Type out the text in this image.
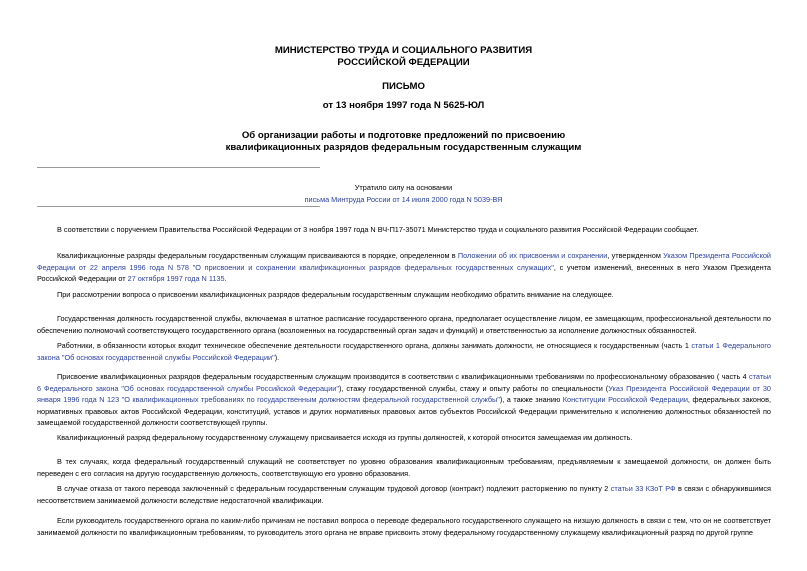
МИНИСТЕРСТВО ТРУДА И СОЦИАЛЬНОГО РАЗВИТИЯ
РОССИЙСКОЙ ФЕДЕРАЦИИ
ПИСЬМО
от 13 ноября 1997 года N 5625-ЮЛ
Об организации работы и подготовке предложений по присвоению
квалификационных разрядов федеральным государственным служащим
Утратило силу на основании
письма Минтруда России от 14 июля 2000 года N 5039-ВЯ

В соответствии с поручением Правительства Российской Федерации от 3 ноября 1997 года N ВЧ-П17-35071 Министерство труда и социального развития Российской Федерации сообщает.

Квалификационные разряды федеральным государственным служащим присваиваются в порядке, определенном в Положении об их присвоении и сохранении, утвержденном Указом Президента Российской Федерации от 22 апреля 1996 года N 578 "О присвоении и сохранении квалификационных разрядов федеральных государственных служащих", с учетом изменений, внесенных в него Указом Президента Российской Федерации от 27 октября 1997 года N 1135.

При рассмотрении вопроса о присвоении квалификационных разрядов федеральным государственным служащим необходимо обратить внимание на следующее.

Государственная должность государственной службы, включаемая в штатное расписание государственного органа, предполагает осуществление лицом, ее замещающим, профессиональной деятельности по обеспечению полномочий соответствующего государственного органа (возложенных на государственный орган задач и функций) и ответственностью за исполнение должностных обязанностей.

Работники, в обязанности которых входит техническое обеспечение деятельности государственного органа, должны занимать должности, не относящиеся к государственным (часть 1 статьи 1 Федерального закона "Об основах государственной службы Российской Федерации").

Присвоение квалификационных разрядов федеральным государственным служащим производится в соответствии с квалификационными требованиями по профессиональному образованию ( часть 4 статьи 6 Федерального закона "Об основах государственной службы Российской Федерации"), стажу государственной службы, стажу и опыту работы по специальности (Указ Президента Российской Федерации от 30 января 1996 года N 123 "О квалификационных требованиях по государственным должностям федеральной государственной службы"), а также знанию Конституции Российской Федерации, федеральных законов, нормативных правовых актов Российской Федерации, конституций, уставов и других нормативных правовых актов субъектов Российской Федерации применительно к исполнению должностных обязанностей по замещаемой государственной должности соответствующей группы.

Квалификационный разряд федеральному государственному служащему присваивается исходя из группы должностей, к которой относится замещаемая им должность.

В тех случаях, когда федеральный государственный служащий не соответствует по уровню образования квалификационным требованиям, предъявляемым к замещаемой должности, он должен быть переведен с его согласия на другую государственную должность, соответствующую его уровню образования.

В случае отказа от такого перевода заключенный с федеральным государственным служащим трудовой договор (контракт) подлежит расторжению по пункту 2 статьи 33 КЗоТ РФ в связи с обнаружившимся несоответствием занимаемой должности вследствие недостаточной квалификации.

Если руководитель государственного органа по каким-либо причинам не поставил вопроса о переводе федерального государственного служащего на низшую должность в связи с тем, что он не соответствует занимаемой должности по квалификационным требованиям, то руководитель этого органа не вправе присвоить этому федеральному государственному служащему квалификационный разряд по другой группе
